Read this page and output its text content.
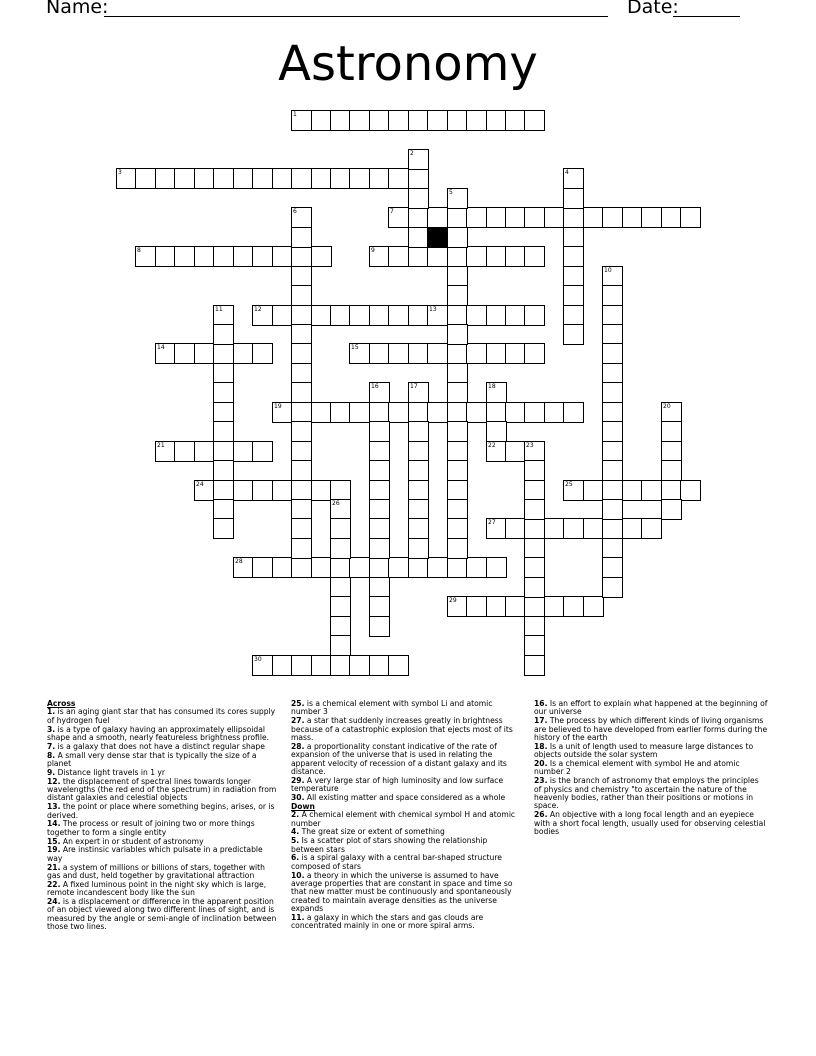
Name:	Date:
Astronomy
1
3
7
8	9
12	13
14	15
19
21	22
24	25
27
28
29
30
2
4
5
6
10
11
16	17	18
20
23
26
Across
1. is an aging giant star that has consumed its cores supply of hydrogen fuel
3. is a type of galaxy having an approximately ellipsoidal shape and a smooth, nearly featureless brightness profile.
7. is a galaxy that does not have a distinct regular shape
8. A small very dense star that is typically the size of a planet
9. Distance light travels in 1 yr
12. the displacement of spectral lines towards longer wavelengths (the red end of the spectrum) in radiation from distant galaxies and celestial objects
13. the point or place where something begins, arises, or is derived.
14. The process or result of joining two or more things together to form a single entity
15. An expert in or student of astronomy
19. Are instinsic variables which pulsate in a predictable way
21. a system of millions or billions of stars, together with gas and dust, held together by gravitational attraction
22. A fixed luminous point in the night sky which is large, remote incandescent body like the sun
24. is a displacement or difference in the apparent position of an object viewed along two different lines of sight, and is measured by the angle or semi-angle of inclination between those two lines.
25. is a chemical element with symbol Li and atomic number 3
27. a star that suddenly increases greatly in brightness because of a catastrophic explosion that ejects most of its mass.
28. a proportionality constant indicative of the rate of expansion of the universe that is used in relating the apparent velocity of recession of a distant galaxy and its distance.
29. A very large star of high luminosity and low surface temperature
30. All existing matter and space considered as a whole
Down
2. A chemical element with chemical symbol H and atomic number
4. The great size or extent of something
5. Is a scatter plot of stars showing the relationship between stars
6. is a spiral galaxy with a central bar-shaped structure composed of stars
10. a theory in which the universe is assumed to have average properties that are constant in space and time so that new matter must be continuously and spontaneously created to maintain average densities as the universe expands
11. a galaxy in which the stars and gas clouds are concentrated mainly in one or more spiral arms.
16. Is an effort to explain what happened at the beginning of our universe
17. The process by which different kinds of living organisms are believed to have developed from earlier forms during the history of the earth
18. Is a unit of length used to measure large distances to objects outside the solar system
20. Is a chemical element with symbol He and atomic number 2
23. is the branch of astronomy that employs the principles of physics and chemistry "to ascertain the nature of the heavenly bodies, rather than their positions or motions in space.
26. An objective with a long focal length and an eyepiece with a short focal length, usually used for observing celestial bodies
